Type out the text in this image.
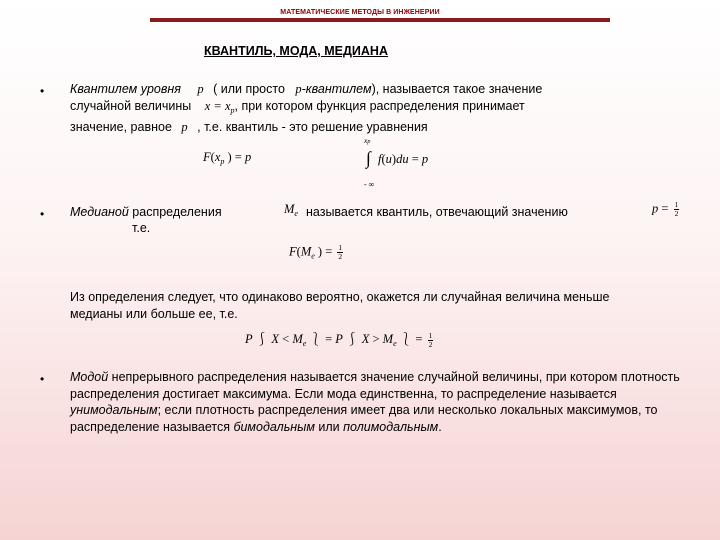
МАТЕМАТИЧЕСКИЕ МЕТОДЫ В ИНЖЕНЕРИИ
КВАНТИЛЬ, МОДА, МЕДИАНА
• Квантилем уровня p ( или просто   p-квантилем), называется такое значение
случайной величины $x = x_p$, при котором функция распределения принимает
значение, равное p , т.е. квантиль - это решение уравнения
$F(x_p$ ) = p
xp
∫ f(u)du = p
- ∞
• Медианой распределения	$M_e$ называется квантиль, отвечающий значению	$p = \frac{1}{2}$
т.е.
$F(M_e$ ) = $\frac{1}{2}$
Из определения следует, что одинаково вероятно, окажется ли случайная величина меньше медианы или больше ее, т.е.
P ⎰ $X < M_e$ ⎱ = P ⎰ $X > M_e$ ⎱ = $\frac{1}{2}$
• Модой непрерывного распределения называется значение случайной величины, при котором плотность распределения достигает максимума. Если мода единственна, то распределение называется унимодальным; если плотность распределения имеет два или несколько локальных максимумов, то распределение называется бимодальным или полимодальным.
